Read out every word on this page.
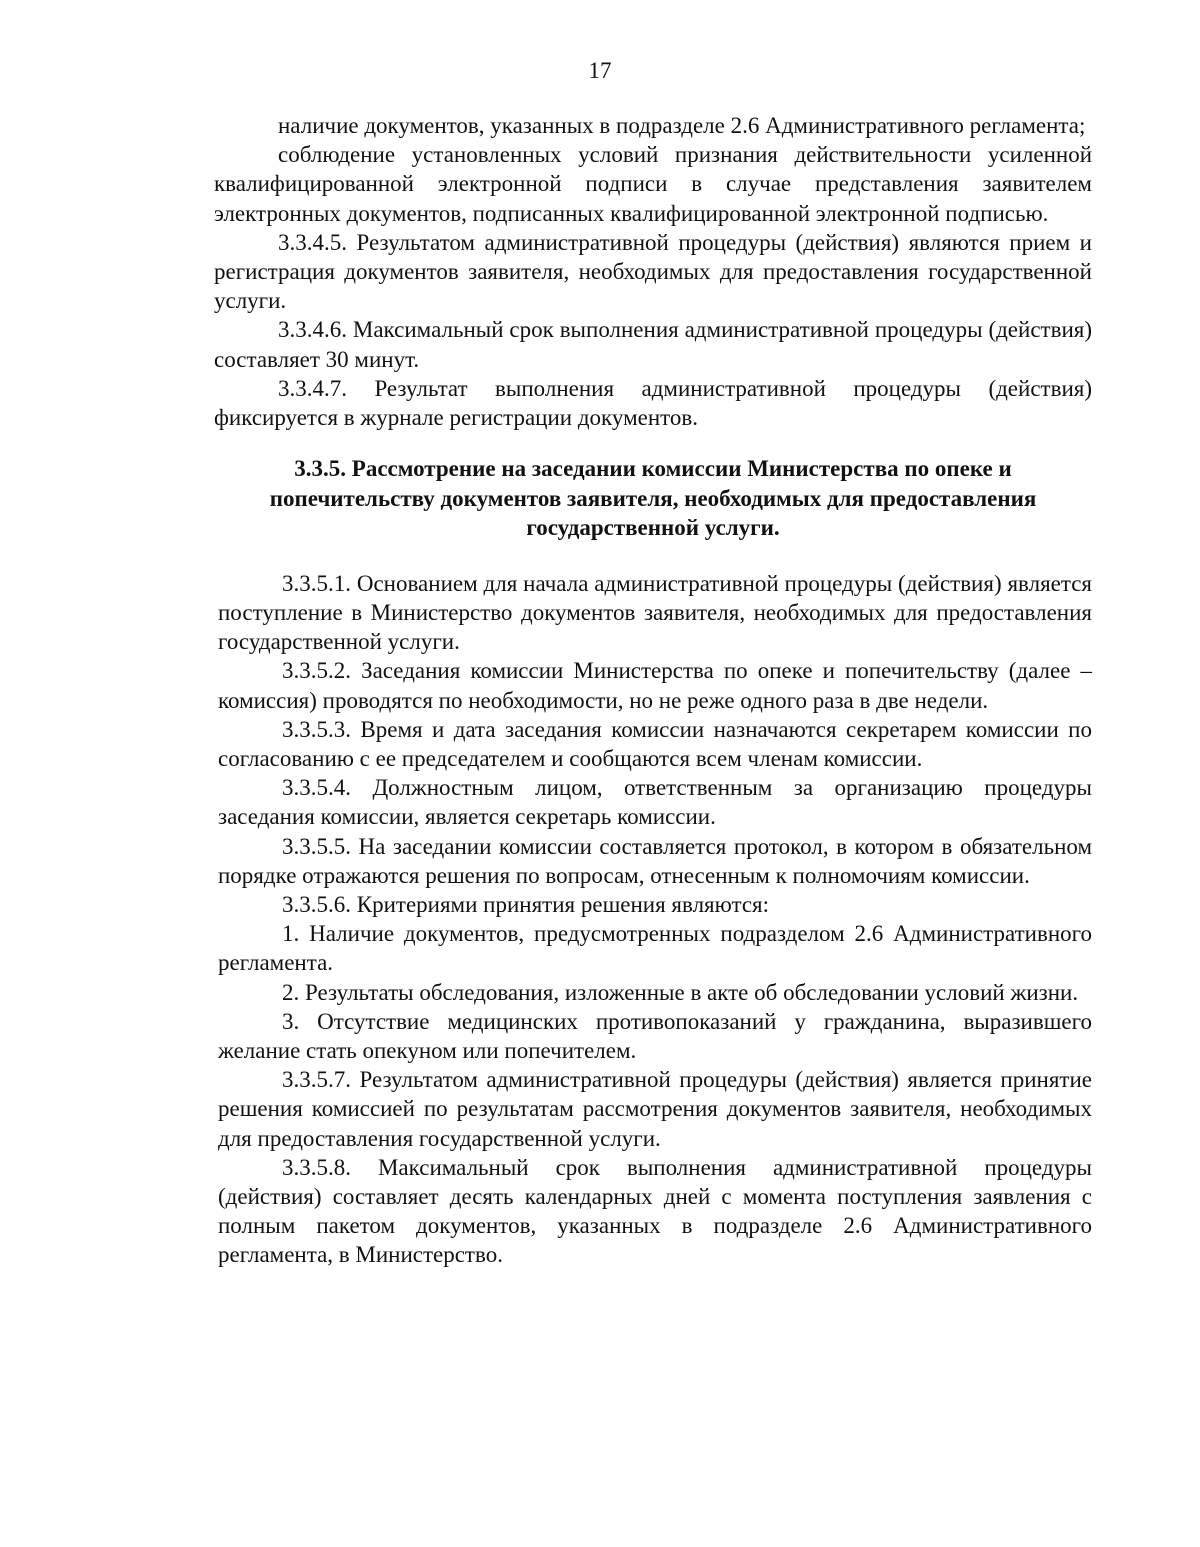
17

наличие документов, указанных в подразделе 2.6 Административного регламента;

соблюдение установленных условий признания действительности усиленной квалифицированной электронной подписи в случае представления заявителем электронных документов, подписанных квалифицированной электронной подписью.

3.3.4.5. Результатом административной процедуры (действия) являются прием и регистрация документов заявителя, необходимых для предоставления государственной услуги.

3.3.4.6. Максимальный срок выполнения административной процедуры (действия) составляет 30 минут.

3.3.4.7. Результат выполнения административной процедуры (действия) фиксируется в журнале регистрации документов.

3.3.5. Рассмотрение на заседании комиссии Министерства по опеке и попечительству документов заявителя, необходимых для предоставления государственной услуги.

3.3.5.1. Основанием для начала административной процедуры (действия) является поступление в Министерство документов заявителя, необходимых для предоставления государственной услуги.

3.3.5.2. Заседания комиссии Министерства по опеке и попечительству (далее – комиссия) проводятся по необходимости, но не реже одного раза в две недели.

3.3.5.3. Время и дата заседания комиссии назначаются секретарем комиссии по согласованию с ее председателем и сообщаются всем членам комиссии.

3.3.5.4. Должностным лицом, ответственным за организацию процедуры заседания комиссии, является секретарь комиссии.

3.3.5.5. На заседании комиссии составляется протокол, в котором в обязательном порядке отражаются решения по вопросам, отнесенным к полномочиям комиссии.

3.3.5.6. Критериями принятия решения являются:

1. Наличие документов, предусмотренных подразделом 2.6 Административного регламента.

2. Результаты обследования, изложенные в акте об обследовании условий жизни.

3. Отсутствие медицинских противопоказаний у гражданина, выразившего желание стать опекуном или попечителем.

3.3.5.7. Результатом административной процедуры (действия) является принятие решения комиссией по результатам рассмотрения документов заявителя, необходимых для предоставления государственной услуги.

3.3.5.8. Максимальный срок выполнения административной процедуры (действия) составляет десять календарных дней с момента поступления заявления с полным пакетом документов, указанных в подразделе 2.6 Административного регламента, в Министерство.
